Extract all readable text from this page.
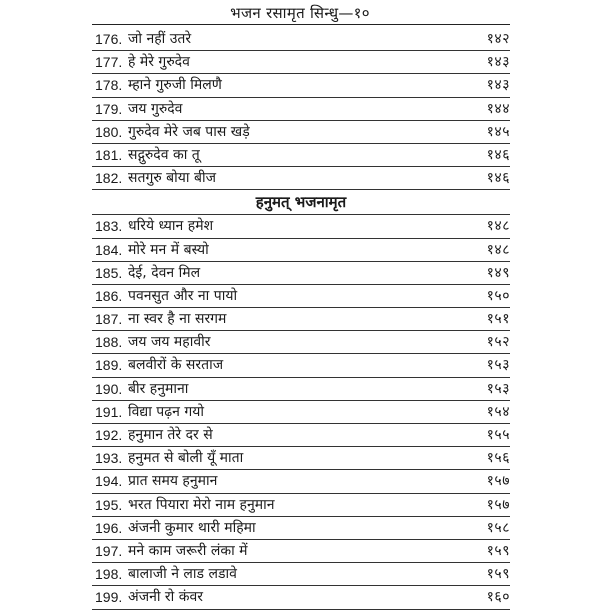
भजन रसामृत सिन्धु—१०
176. जो नहीं उतरे	१४२
177. हे मेरे गुरुदेव	१४३
178. म्हाने गुरुजी मिलणै	१४३
179. जय गुरुदेव	१४४
180. गुरुदेव मेरे जब पास खड़े	१४५
181. सद्गुरुदेव का तू	१४६
182. सतगुरु बोया बीज	१४६
हनुमत् भजनामृत
183. धरिये ध्यान हमेश	१४८
184. मोरे मन में बस्यो	१४८
185. देई, देवन मिल	१४९
186. पवनसुत और ना पायो	१५०
187. ना स्वर है ना सरगम	१५१
188. जय जय महावीर	१५२
189. बलवीरों के सरताज	१५३
190. बीर हनुमाना	१५३
191. विद्या पढ़न गयो	१५४
192. हनुमान तेरे दर से	१५५
193. हनुमत से बोली यूँ माता	१५६
194. प्रात समय हनुमान	१५७
195. भरत पियारा मेरो नाम हनुमान	१५७
196. अंजनी कुमार थारी महिमा	१५८
197. मने काम जरूरी लंका में	१५९
198. बालाजी ने लाड लडावे	१५९
199. अंजनी रो कंवर	१६०
